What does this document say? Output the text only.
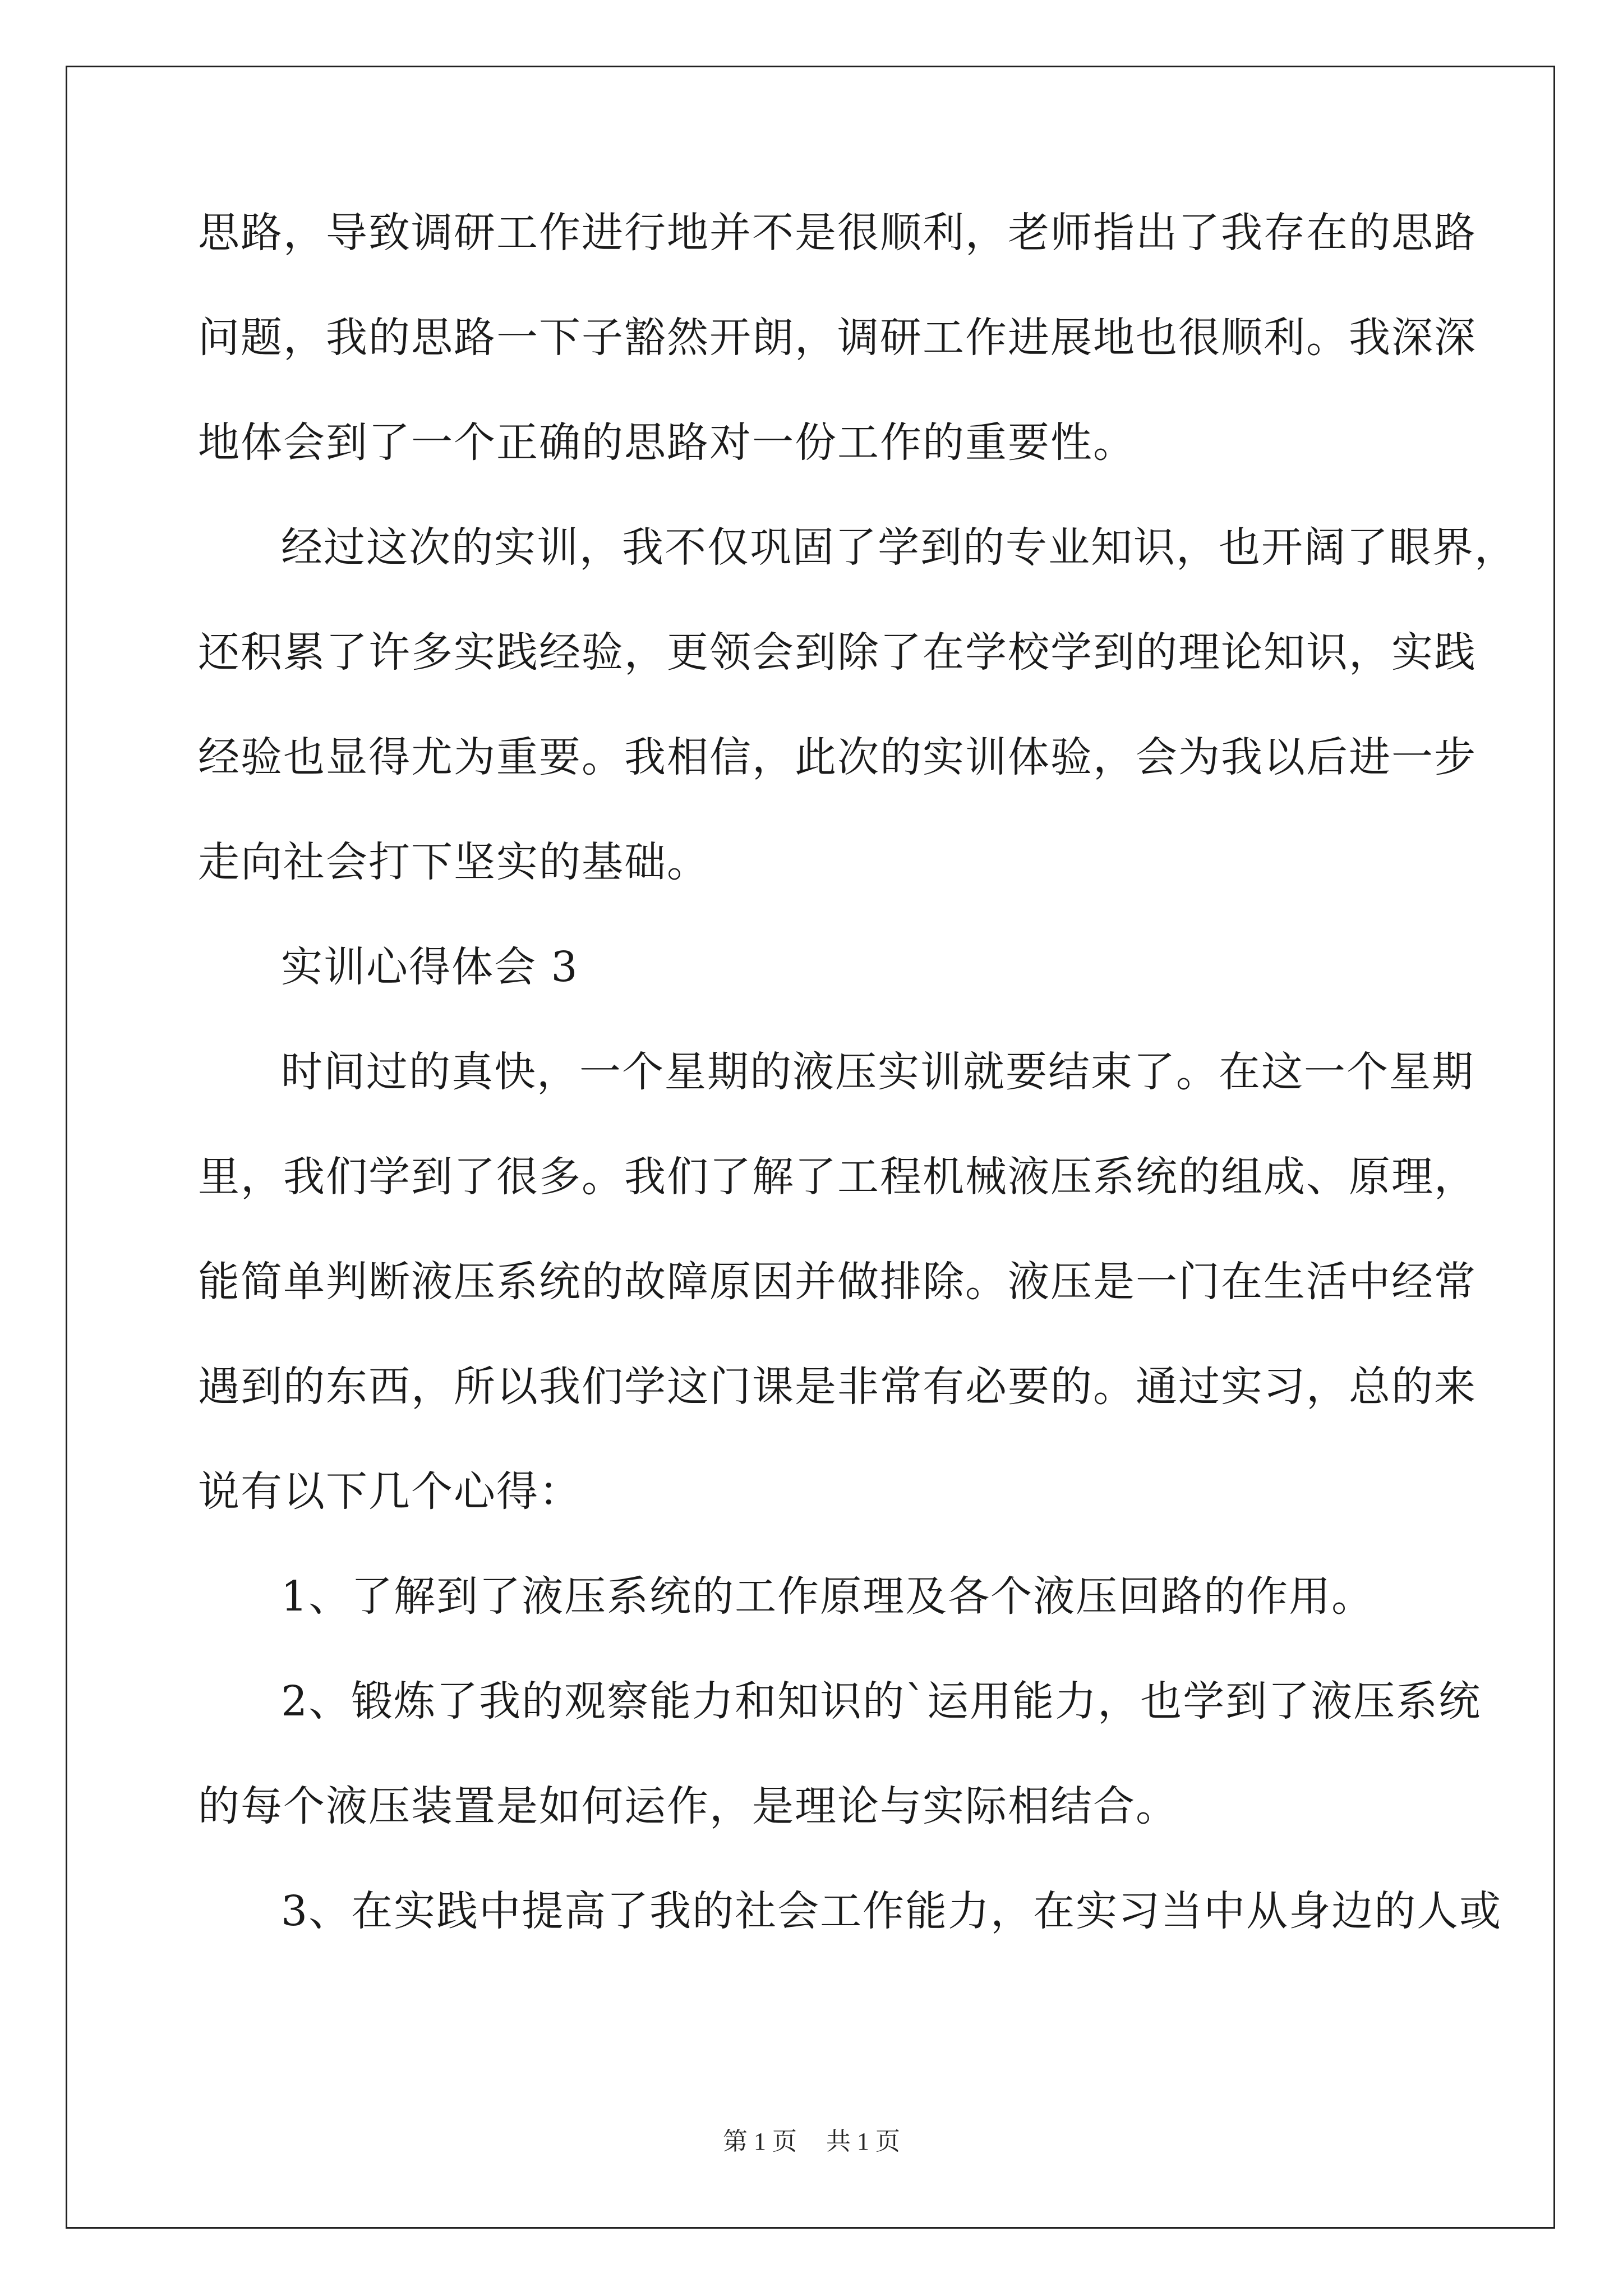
思路，导致调研工作进行地并不是很顺利，老师指出了我存在的思路
问题，我的思路一下子豁然开朗，调研工作进展地也很顺利。我深深
地体会到了一个正确的思路对一份工作的重要性。
经过这次的实训，我不仅巩固了学到的专业知识，也开阔了眼界，
还积累了许多实践经验，更领会到除了在学校学到的理论知识，实践
经验也显得尤为重要。我相信，此次的实训体验，会为我以后进一步
走向社会打下坚实的基础。
实训心得体会 3
时间过的真快，一个星期的液压实训就要结束了。在这一个星期
里，我们学到了很多。我们了解了工程机械液压系统的组成、原理，
能简单判断液压系统的故障原因并做排除。液压是一门在生活中经常
遇到的东西，所以我们学这门课是非常有必要的。通过实习，总的来
说有以下几个心得：
1、了解到了液压系统的工作原理及各个液压回路的作用。
2、锻炼了我的观察能力和知识的`运用能力，也学到了液压系统
的每个液压装置是如何运作，是理论与实际相结合。
3、在实践中提高了我的社会工作能力，在实习当中从身边的人或
第 1 页 共 1 页
